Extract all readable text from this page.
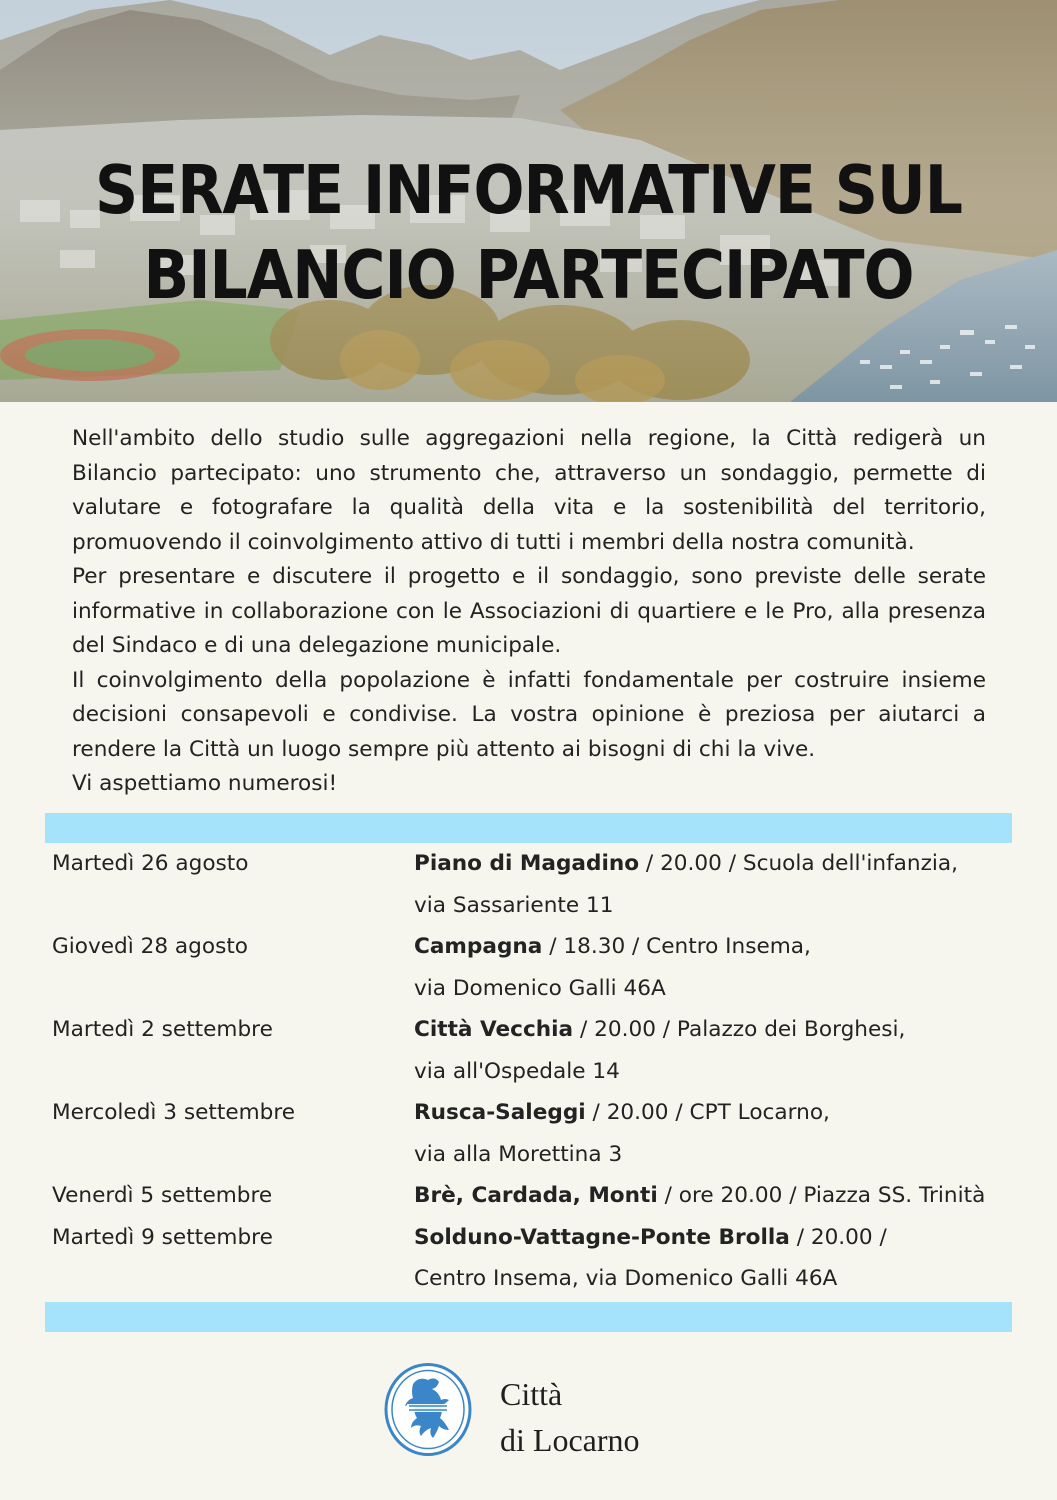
SERATE INFORMATIVE SUL
BILANCIO PARTECIPATO

Nell'ambito dello studio sulle aggregazioni nella regione, la Città redigerà un Bilancio partecipato: uno strumento che, attraverso un sondaggio, permette di valutare e fotografare la qualità della vita e la sostenibilità del territorio, promuovendo il coinvolgimento attivo di tutti i membri della nostra comunità.

Per presentare e discutere il progetto e il sondaggio, sono previste delle serate informative in collaborazione con le Associazioni di quartiere e le Pro, alla presenza del Sindaco e di una delegazione municipale.

Il coinvolgimento della popolazione è infatti fondamentale per costruire insieme decisioni consapevoli e condivise. La vostra opinione è preziosa per aiutarci a rendere la Città un luogo sempre più attento ai bisogni di chi la vive.

Vi aspettiamo numerosi!

Martedì 26 agosto	Piano di Magadino / 20.00 / Scuola dell'infanzia,
via Sassariente 11
Giovedì 28 agosto	Campagna / 18.30 / Centro Insema,
via Domenico Galli 46A
Martedì 2 settembre	Città Vecchia / 20.00 / Palazzo dei Borghesi,
via all'Ospedale 14
Mercoledì 3 settembre	Rusca-Saleggi / 20.00 / CPT Locarno,
via alla Morettina 3
Venerdì 5 settembre	Brè, Cardada, Monti / ore 20.00 / Piazza SS. Trinità
Martedì 9 settembre	Solduno-Vattagne-Ponte Brolla / 20.00 /
Centro Insema, via Domenico Galli 46A
Città
di Locarno
